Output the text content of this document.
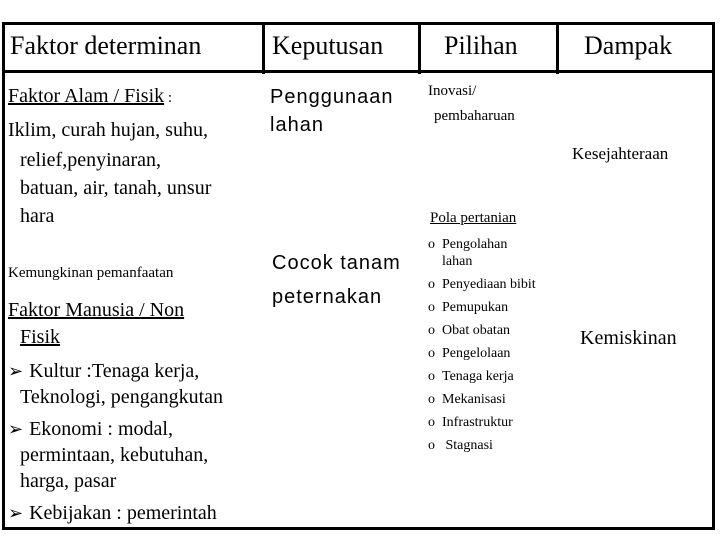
Faktor determinan	Keputusan Pilihan	Dampak
Faktor Alam / Fisik :
Iklim, curah hujan, suhu,
relief,penyinaran,
batuan, air, tanah, unsur
hara
Kemungkinan pemanfaatan
Faktor Manusia / Non
Fisik
➢ Kultur :Tenaga kerja,
Teknologi, pengangkutan
➢ Ekonomi : modal,
permintaan, kebutuhan,
harga, pasar
➢ Kebijakan : pemerintah
Penggunaan
lahan
Cocok tanam
peternakan
Inovasi/
pembaharuan
Pola pertanian
o Pengolahan
lahan
o Penyediaan bibit
o Pemupukan
o Obat obatan
o Pengelolaan
o Tenaga kerja
o Mekanisasi
o Infrastruktur
o Stagnasi
Kesejahteraan
Kemiskinan
